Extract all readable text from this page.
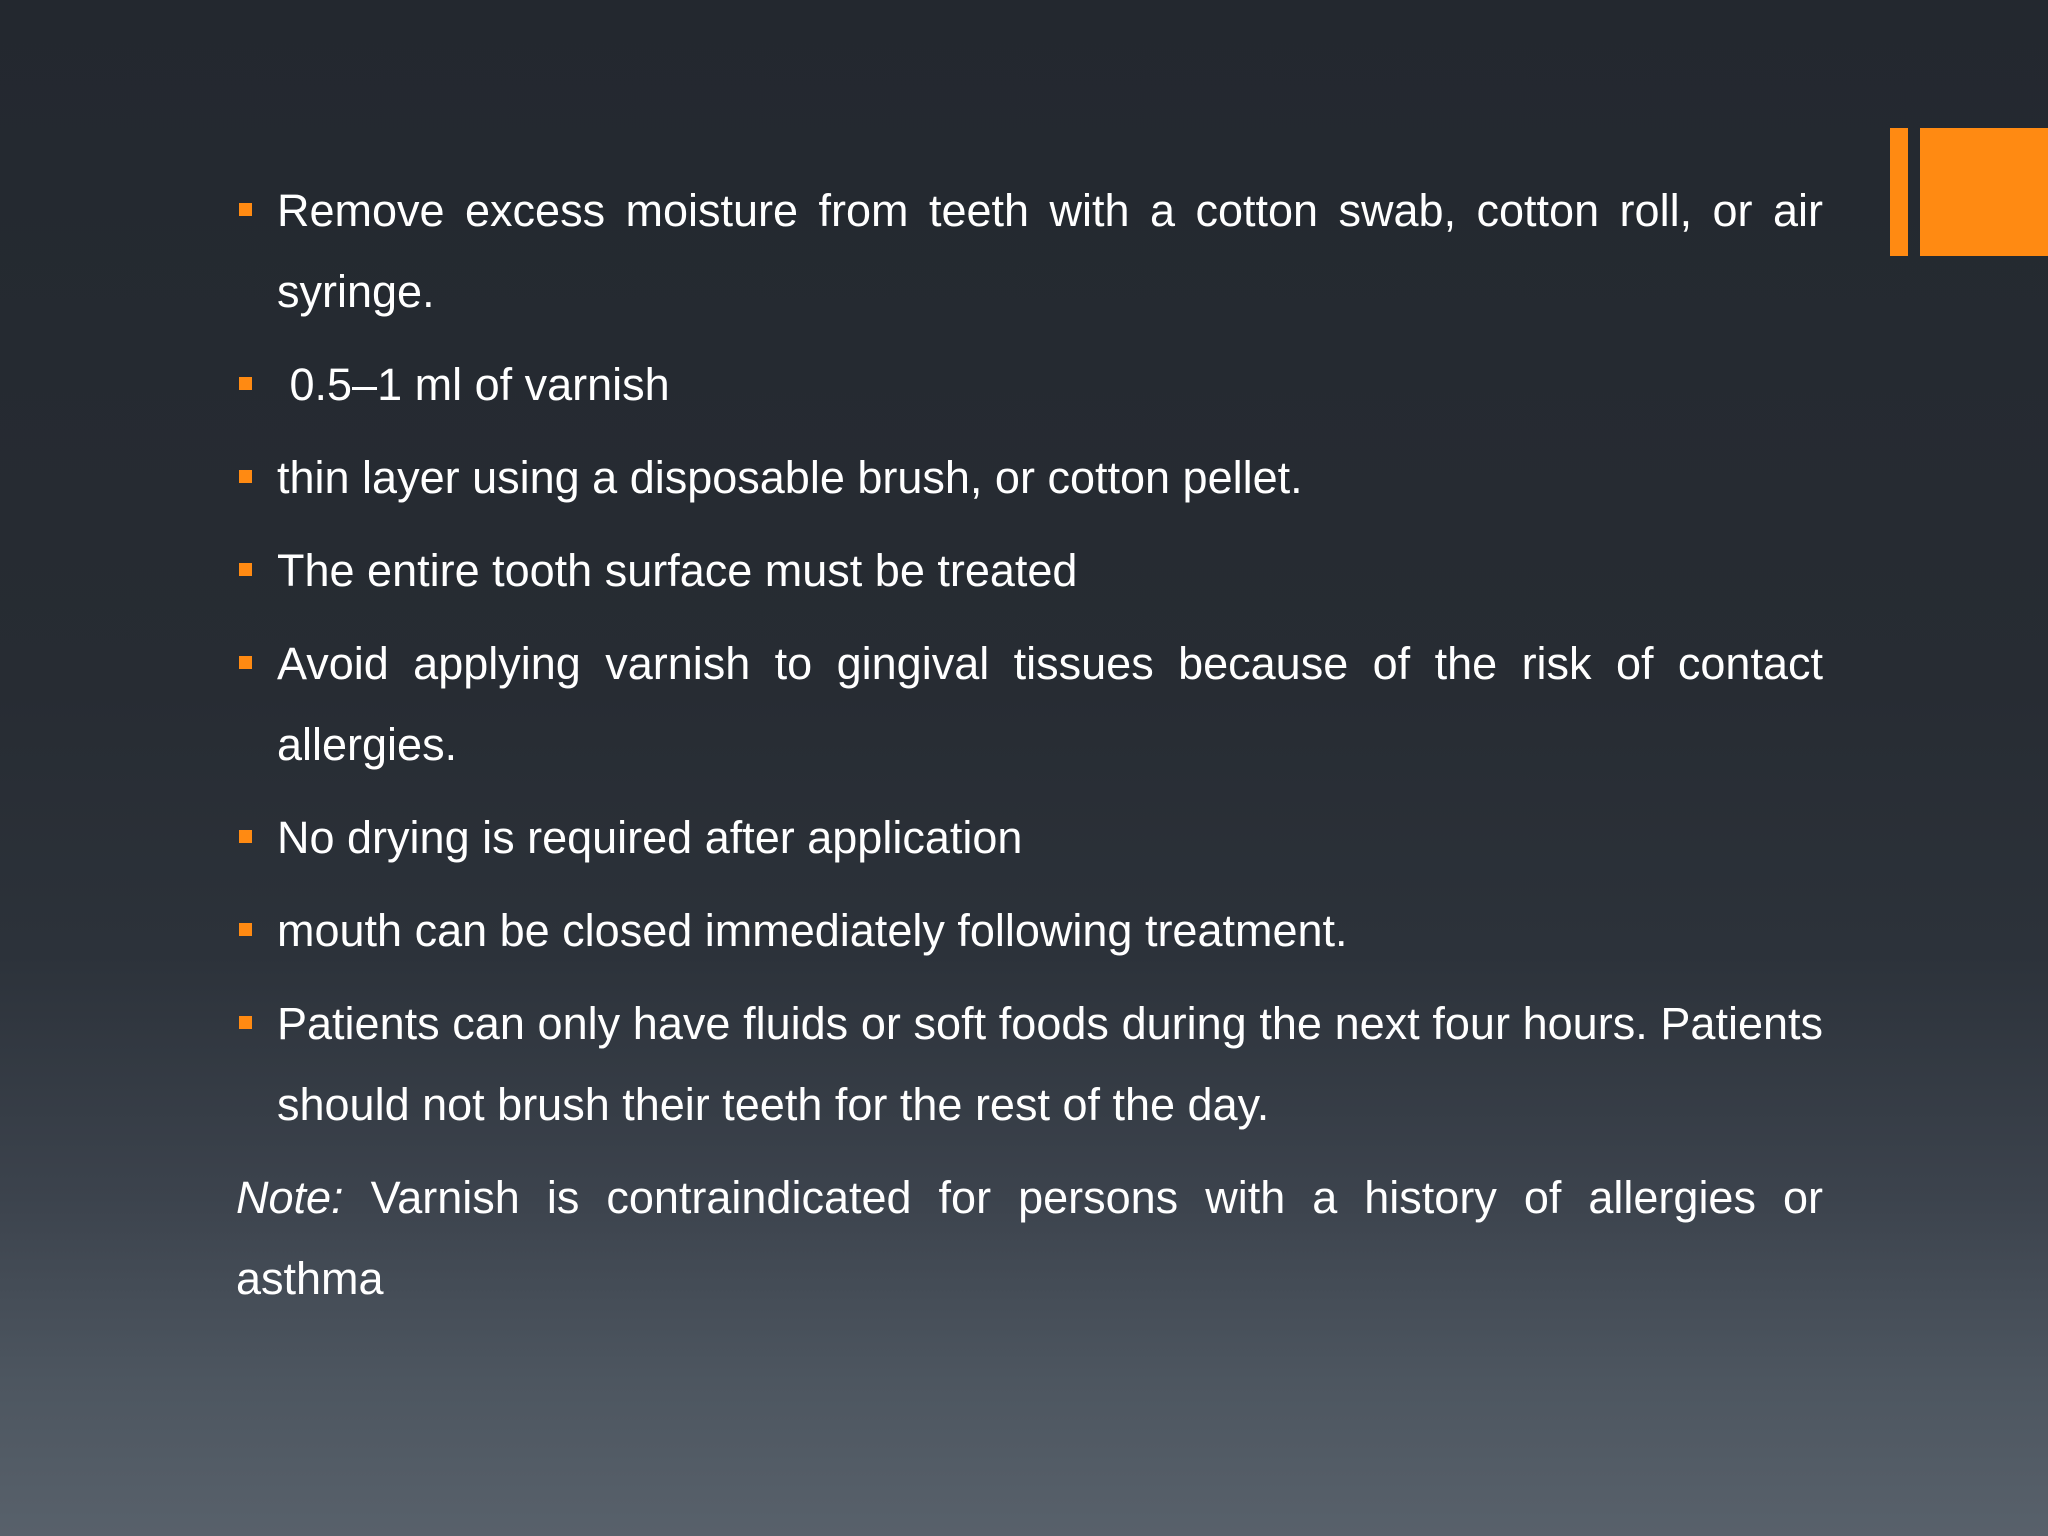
Remove excess moisture from teeth with a cotton swab, cotton roll, or air syringe.
0.5–1 ml of varnish
thin layer using a disposable brush, or cotton pellet.
The entire tooth surface must be treated
Avoid applying varnish to gingival tissues because of the risk of contact allergies.
No drying is required after application
mouth can be closed immediately following treatment.
Patients can only have fluids or soft foods during the next four hours. Patients should not brush their teeth for the rest of the day.

Note: Varnish is contraindicated for persons with a history of allergies or asthma
